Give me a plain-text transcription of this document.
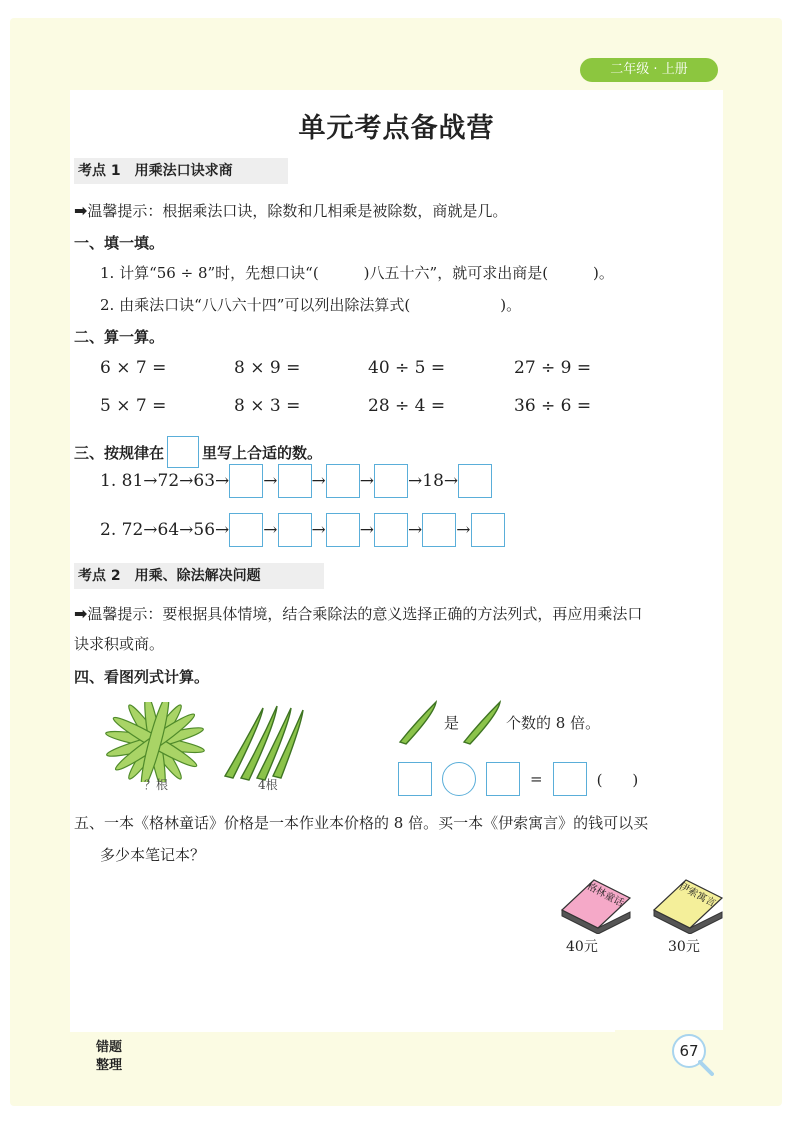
二年级 · 上册
单元考点备战营
考点 1　用乘法口诀求商
➡温馨提示：根据乘法口诀，除数和几相乘是被除数，商就是几。
一、填一填。
1. 计算“56 ÷ 8”时，先想口诀“(　　　)八五十六”，就可求出商是(　　　)。
2. 由乘法口诀“八八六十四”可以列出除法算式(　　　　　　)。
二、算一算。
6 × 7 =	8 × 9 =	40 ÷ 5 =	27 ÷ 9 =
5 × 7 =	8 × 3 =	28 ÷ 4 =	36 ÷ 6 =
三、按规律在	里写上合适的数。
1. 81→72→63→ → → → →18→
2. 72→64→56→ → → → → →
考点 2　用乘、除法解决问题
➡温馨提示：要根据具体情境，结合乘除法的意义选择正确的方法列式，再应用乘法口
诀求积或商。
四、看图列式计算。
？根	4根
是	个数的 8 倍。
=	(　　)
五、一本《格林童话》价格是一本作业本价格的 8 倍。买一本《伊索寓言》的钱可以买
多少本笔记本？
格林童话
40元
伊索寓言
30元
错题
整理
67
